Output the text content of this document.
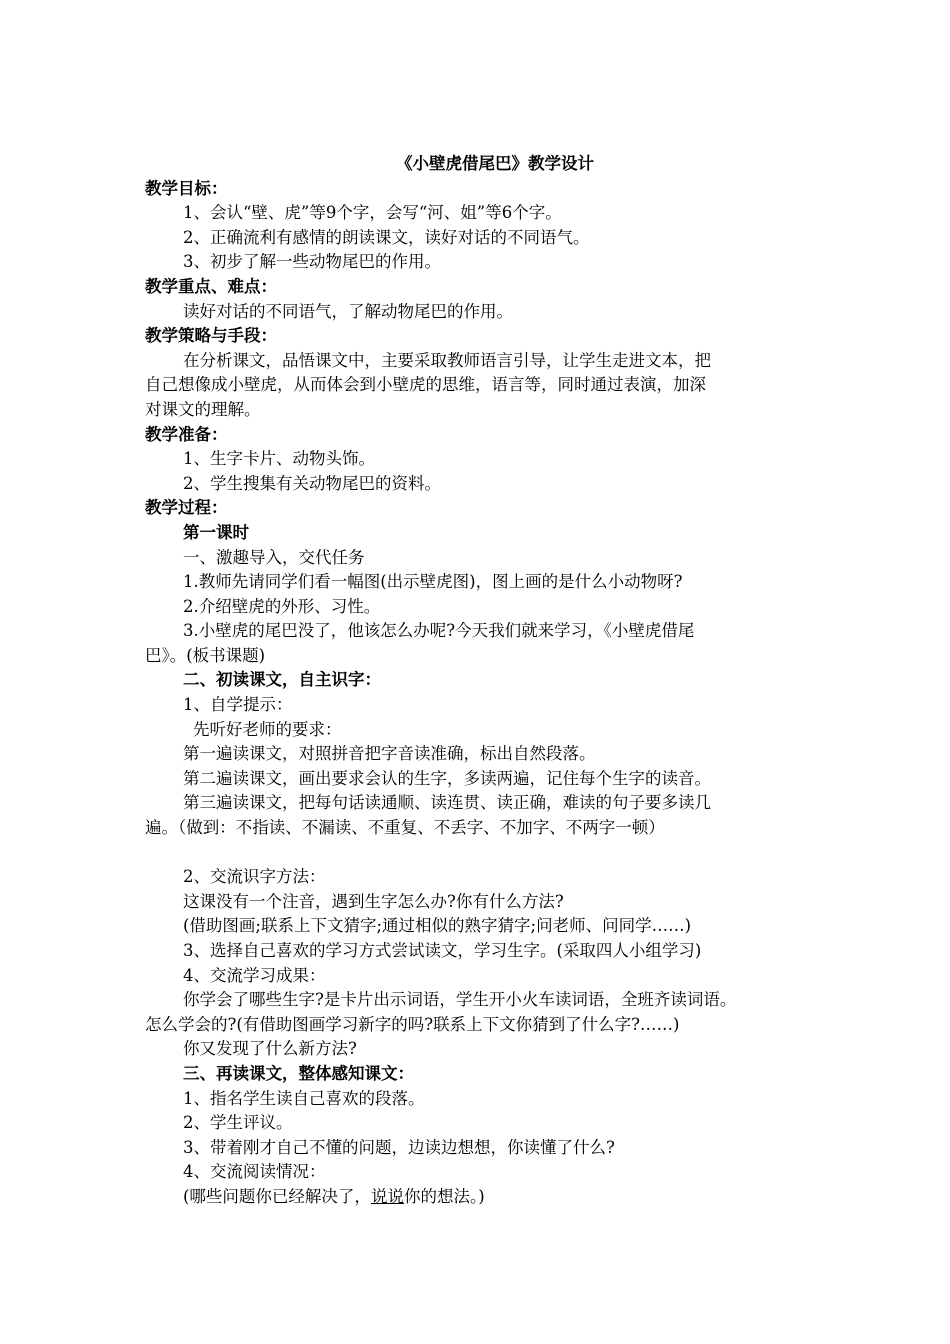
《小壁虎借尾巴》教学设计
教学目标：
1、会认“壁、虎”等9个字，会写“河、姐”等6个字。
2、正确流利有感情的朗读课文，读好对话的不同语气。
3、初步了解一些动物尾巴的作用。
教学重点、难点：
读好对话的不同语气，了解动物尾巴的作用。
教学策略与手段：
在分析课文，品悟课文中，主要采取教师语言引导，让学生走进文本，把
自己想像成小壁虎，从而体会到小壁虎的思维，语言等，同时通过表演，加深
对课文的理解。
教学准备：
1、生字卡片、动物头饰。
2、学生搜集有关动物尾巴的资料。
教学过程：
第一课时
一、激趣导入，交代任务
1.教师先请同学们看一幅图(出示壁虎图)，图上画的是什么小动物呀?
2.介绍壁虎的外形、习性。
3.小壁虎的尾巴没了，他该怎么办呢?今天我们就来学习，《小壁虎借尾
巴》。(板书课题)
二、初读课文，自主识字：
1、自学提示：
先听好老师的要求：
第一遍读课文，对照拼音把字音读准确，标出自然段落。
第二遍读课文，画出要求会认的生字，多读两遍，记住每个生字的读音。
第三遍读课文，把每句话读通顺、读连贯、读正确，难读的句子要多读几
遍。（做到：不指读、不漏读、不重复、不丢字、不加字、不两字一顿）
2、交流识字方法：
这课没有一个注音，遇到生字怎么办?你有什么方法?
(借助图画;联系上下文猜字;通过相似的熟字猜字;问老师、问同学……)
3、选择自己喜欢的学习方式尝试读文，学习生字。(采取四人小组学习)
4、交流学习成果：
你学会了哪些生字?是卡片出示词语，学生开小火车读词语，全班齐读词语。
怎么学会的?(有借助图画学习新字的吗?联系上下文你猜到了什么字?……)
你又发现了什么新方法?
三、再读课文，整体感知课文：
1、指名学生读自己喜欢的段落。
2、学生评议。
3、带着刚才自己不懂的问题，边读边想想，你读懂了什么?
4、交流阅读情况：
(哪些问题你已经解决了，说说你的想法。)
